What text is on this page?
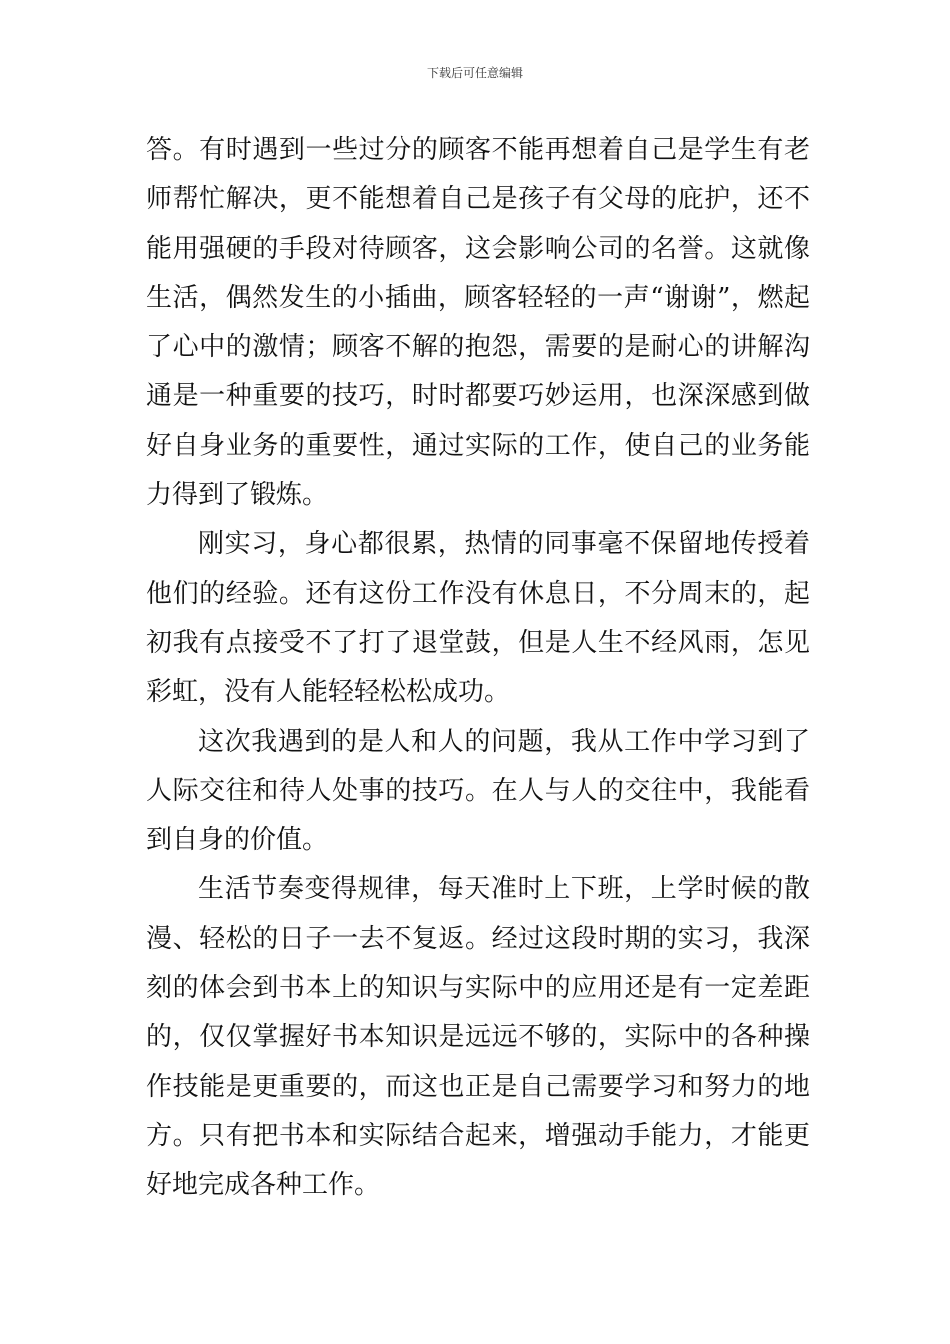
下载后可任意编辑

答。有时遇到一些过分的顾客不能再想着自己是学生有老师帮忙解决，更不能想着自己是孩子有父母的庇护，还不能用强硬的手段对待顾客，这会影响公司的名誉。这就像生活，偶然发生的小插曲，顾客轻轻的一声“谢谢”，燃起了心中的激情；顾客不解的抱怨，需要的是耐心的讲解沟通是一种重要的技巧，时时都要巧妙运用，也深深感到做好自身业务的重要性，通过实际的工作，使自己的业务能力得到了锻炼。

刚实习，身心都很累，热情的同事毫不保留地传授着他们的经验。还有这份工作没有休息日，不分周末的，起初我有点接受不了打了退堂鼓，但是人生不经风雨，怎见彩虹，没有人能轻轻松松成功。

这次我遇到的是人和人的问题，我从工作中学习到了人际交往和待人处事的技巧。在人与人的交往中，我能看到自身的价值。

生活节奏变得规律，每天准时上下班，上学时候的散漫、轻松的日子一去不复返。经过这段时期的实习，我深刻的体会到书本上的知识与实际中的应用还是有一定差距的，仅仅掌握好书本知识是远远不够的，实际中的各种操作技能是更重要的，而这也正是自己需要学习和努力的地方。只有把书本和实际结合起来，增强动手能力，才能更好地完成各种工作。
